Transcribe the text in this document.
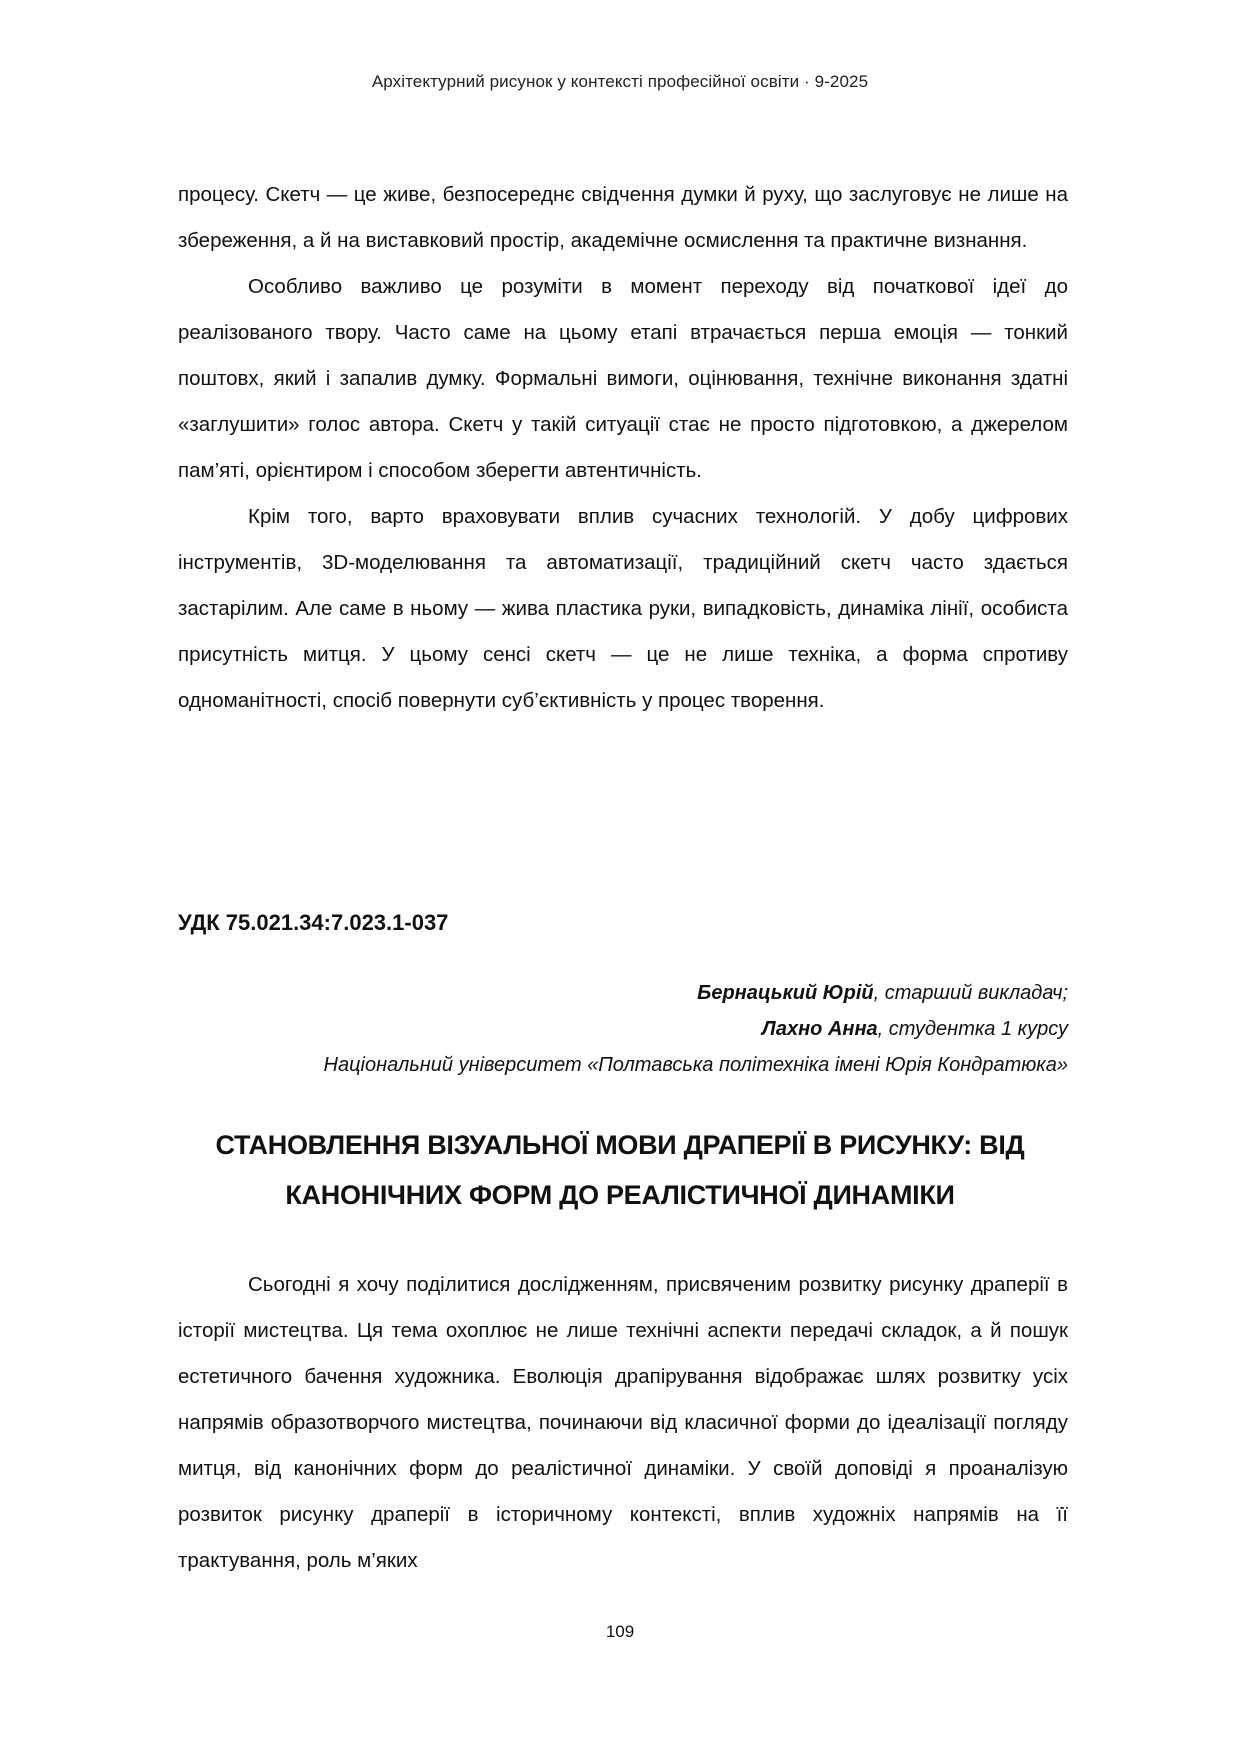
Архітектурний рисунок у контексті професійної освіти · 9-2025

процесу. Скетч — це живе, безпосереднє свідчення думки й руху, що заслуговує не лише на збереження, а й на виставковий простір, академічне осмислення та практичне визнання.

Особливо важливо це розуміти в момент переходу від початкової ідеї до реалізованого твору. Часто саме на цьому етапі втрачається перша емоція — тонкий поштовх, який і запалив думку. Формальні вимоги, оцінювання, технічне виконання здатні «заглушити» голос автора. Скетч у такій ситуації стає не просто підготовкою, а джерелом пам’яті, орієнтиром і способом зберегти автентичність.

Крім того, варто враховувати вплив сучасних технологій. У добу цифрових інструментів, 3D-моделювання та автоматизації, традиційний скетч часто здається застарілим. Але саме в ньому — жива пластика руки, випадковість, динаміка лінії, особиста присутність митця. У цьому сенсі скетч — це не лише техніка, а форма спротиву одноманітності, спосіб повернути суб’єктивність у процес творення.

УДК 75.021.34:7.023.1-037
Бернацький Юрій, старший викладач;
Лахно Анна, студентка 1 курсу
Національний університет «Полтавська політехніка імені Юрія Кондратюка»
СТАНОВЛЕННЯ ВІЗУАЛЬНОЇ МОВИ ДРАПЕРІЇ В РИСУНКУ: ВІД
КАНОНІЧНИХ ФОРМ ДО РЕАЛІСТИЧНОЇ ДИНАМІКИ

Сьогодні я хочу поділитися дослідженням, присвяченим розвитку рисунку драперії в історії мистецтва. Ця тема охоплює не лише технічні аспекти передачі складок, а й пошук естетичного бачення художника. Еволюція драпірування відображає шлях розвитку усіх напрямів образотворчого мистецтва, починаючи від класичної форми до ідеалізації погляду митця, від канонічних форм до реалістичної динаміки. У своїй доповіді я проаналізую розвиток рисунку драперії в історичному контексті, вплив художніх напрямів на її трактування, роль м’яких

109
